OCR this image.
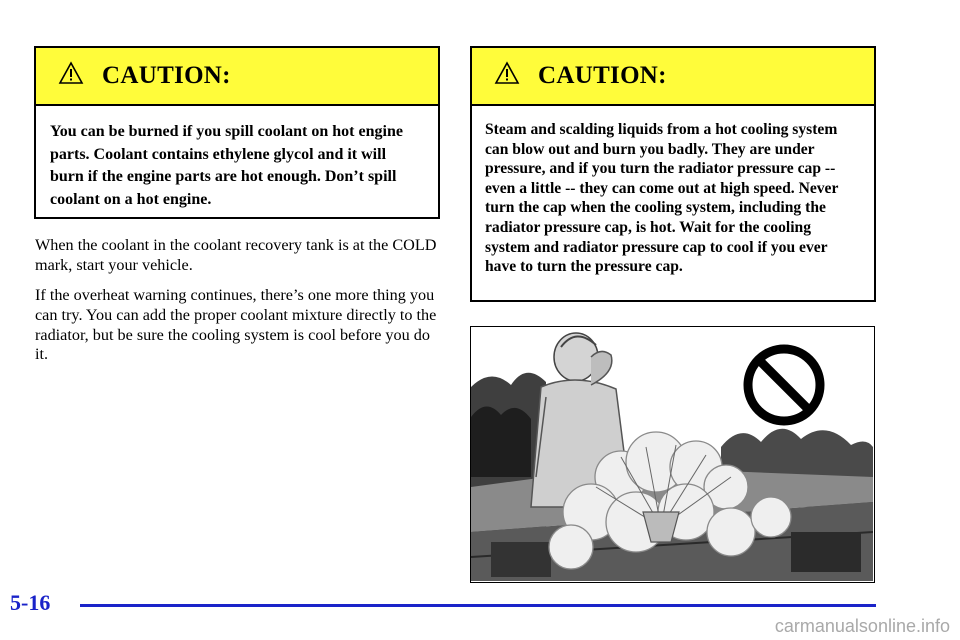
CAUTION:
You can be burned if you spill coolant on hot engine parts. Coolant contains ethylene glycol and it will burn if the engine parts are hot enough. Don’t spill coolant on a hot engine.

When the coolant in the coolant recovery tank is at the COLD mark, start your vehicle.

If the overheat warning continues, there’s one more thing you can try. You can add the proper coolant mixture directly to the radiator, but be sure the cooling system is cool before you do it.

CAUTION:
Steam and scalding liquids from a hot cooling system can blow out and burn you badly. They are under pressure, and if you turn the radiator pressure cap -- even a little -- they can come out at high speed. Never turn the cap when the cooling system, including the radiator pressure cap, is hot. Wait for the cooling system and radiator pressure cap to cool if you ever have to turn the pressure cap.
5-16
carmanualsonline.info
